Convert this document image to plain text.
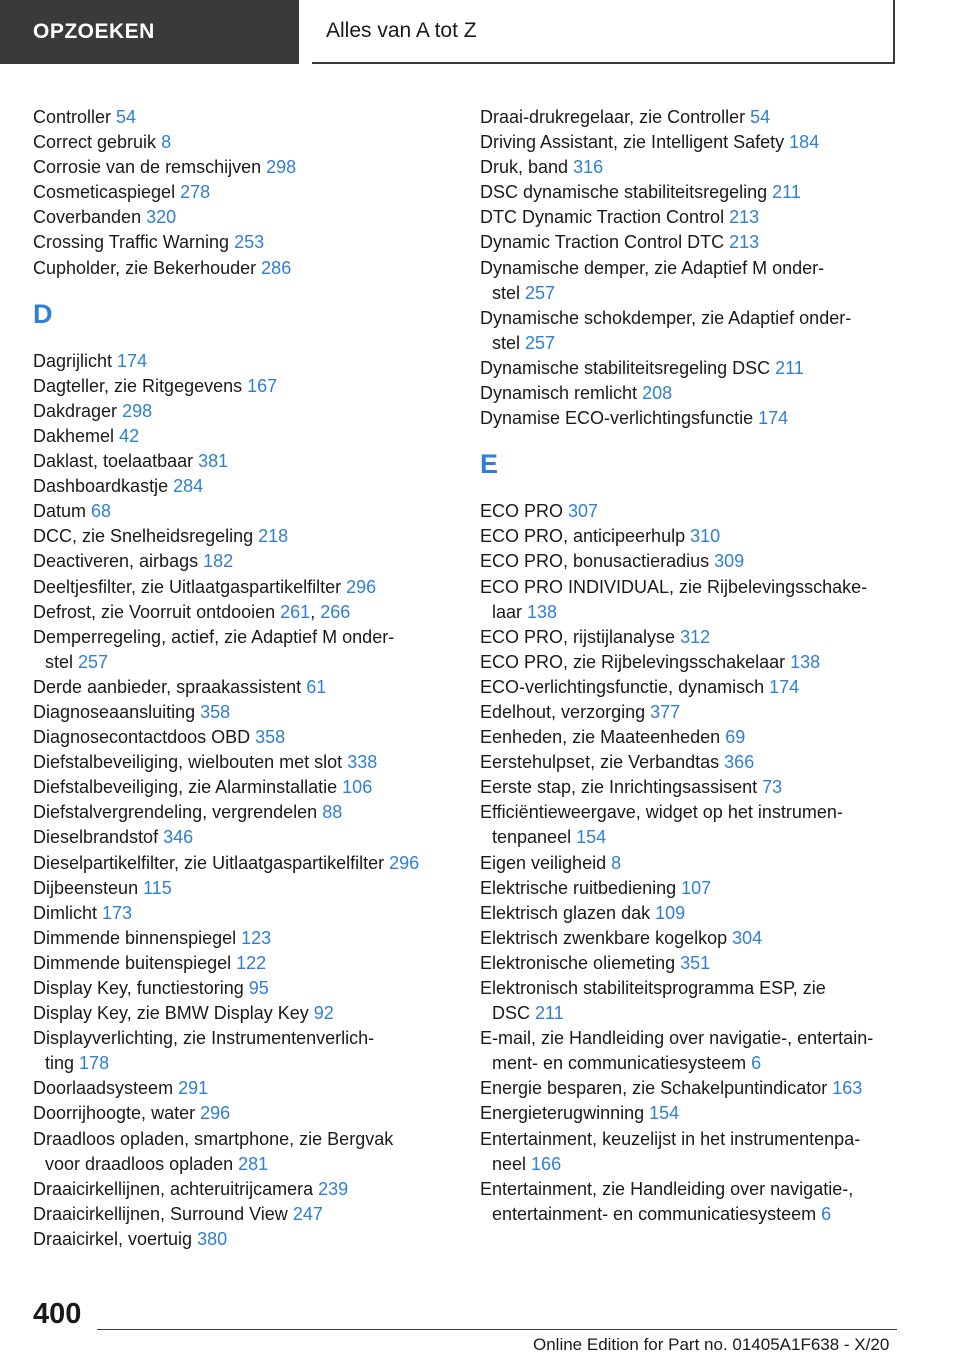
OPZOEKEN	Alles van A tot Z
Controller 54
Correct gebruik 8
Corrosie van de remschijven 298
Cosmeticaspiegel 278
Coverbanden 320
Crossing Traffic Warning 253
Cupholder, zie Bekerhouder 286
D
Dagrijlicht 174
Dagteller, zie Ritgegevens 167
Dakdrager 298
Dakhemel 42
Daklast, toelaatbaar 381
Dashboardkastje 284
Datum 68
DCC, zie Snelheidsregeling 218
Deactiveren, airbags 182
Deeltjesfilter, zie Uitlaatgaspartikelfilter 296
Defrost, zie Voorruit ontdooien 261, 266
Demperregeling, actief, zie Adaptief M onder-
stel 257
Derde aanbieder, spraakassistent 61
Diagnoseaansluiting 358
Diagnosecontactdoos OBD 358
Diefstalbeveiliging, wielbouten met slot 338
Diefstalbeveiliging, zie Alarminstallatie 106
Diefstalvergrendeling, vergrendelen 88
Dieselbrandstof 346
Dieselpartikelfilter, zie Uitlaatgaspartikelfilter 296
Dijbeensteun 115
Dimlicht 173
Dimmende binnenspiegel 123
Dimmende buitenspiegel 122
Display Key, functiestoring 95
Display Key, zie BMW Display Key 92
Displayverlichting, zie Instrumentenverlich-
ting 178
Doorlaadsysteem 291
Doorrijhoogte, water 296
Draadloos opladen, smartphone, zie Bergvak
voor draadloos opladen 281
Draaicirkellijnen, achteruitrijcamera 239
Draaicirkellijnen, Surround View 247
Draaicirkel, voertuig 380
Draai-drukregelaar, zie Controller 54
Driving Assistant, zie Intelligent Safety 184
Druk, band 316
DSC dynamische stabiliteitsregeling 211
DTC Dynamic Traction Control 213
Dynamic Traction Control DTC 213
Dynamische demper, zie Adaptief M onder-
stel 257
Dynamische schokdemper, zie Adaptief onder-
stel 257
Dynamische stabiliteitsregeling DSC 211
Dynamisch remlicht 208
Dynamise ECO-verlichtingsfunctie 174
E
ECO PRO 307
ECO PRO, anticipeerhulp 310
ECO PRO, bonusactieradius 309
ECO PRO INDIVIDUAL, zie Rijbelevingsschake-
laar 138
ECO PRO, rijstijlanalyse 312
ECO PRO, zie Rijbelevingsschakelaar 138
ECO-verlichtingsfunctie, dynamisch 174
Edelhout, verzorging 377
Eenheden, zie Maateenheden 69
Eerstehulpset, zie Verbandtas 366
Eerste stap, zie Inrichtingsassisent 73
Efficiëntieweergave, widget op het instrumen-
tenpaneel 154
Eigen veiligheid 8
Elektrische ruitbediening 107
Elektrisch glazen dak 109
Elektrisch zwenkbare kogelkop 304
Elektronische oliemeting 351
Elektronisch stabiliteitsprogramma ESP, zie
DSC 211
E-mail, zie Handleiding over navigatie-, entertain-
ment- en communicatiesysteem 6
Energie besparen, zie Schakelpuntindicator 163
Energieterugwinning 154
Entertainment, keuzelijst in het instrumentenpa-
neel 166
Entertainment, zie Handleiding over navigatie-,
entertainment- en communicatiesysteem 6
400
Online Edition for Part no. 01405A1F638 - X/20
